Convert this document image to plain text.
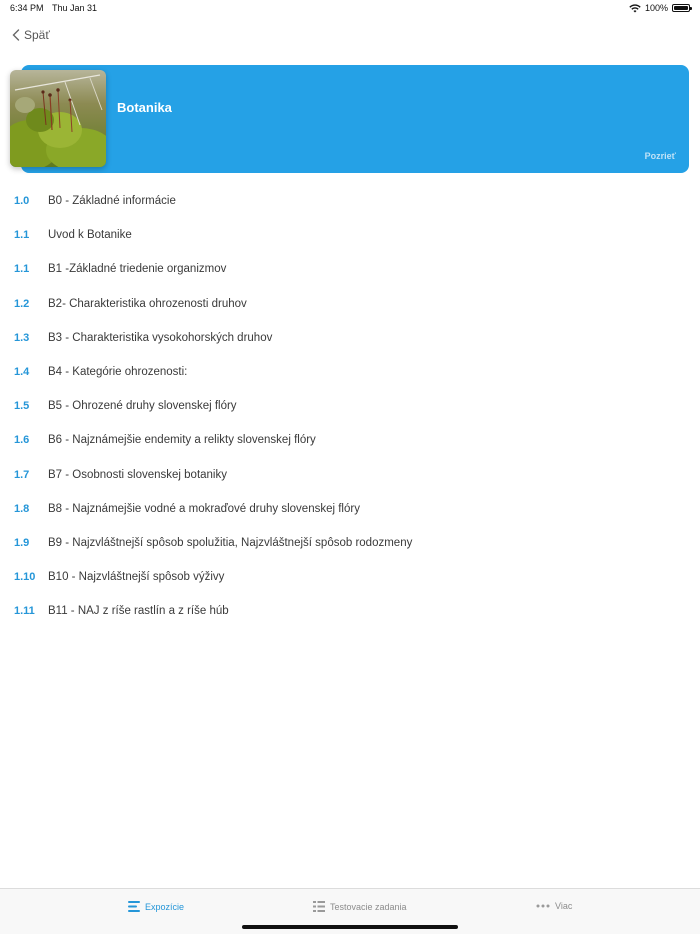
6:34 PM Thu Jan 31	100%
Späť
Botanika
Pozrieť
1.0 B0 - Základné informácie
1.1 Uvod k Botanike
1.1 B1 -Základné triedenie organizmov
1.2 B2- Charakteristika ohrozenosti druhov
1.3 B3 - Charakteristika vysokohorských druhov
1.4 B4 - Kategórie ohrozenosti:
1.5 B5 - Ohrozené druhy slovenskej flóry
1.6 B6 - Najznámejšie endemity a relikty slovenskej flóry
1.7 B7 - Osobnosti slovenskej botaniky
1.8 B8 - Najznámejšie vodné a mokraďové druhy slovenskej flóry
1.9 B9 - Najzvláštnejší spôsob spolužitia, Najzvláštnejší spôsob rodozmeny
1.10 B10 - Najzvláštnejší spôsob výživy
1.11 B11 - NAJ z ríše rastlín a z ríše húb
Expozície	Testovacie zadania	Viac
